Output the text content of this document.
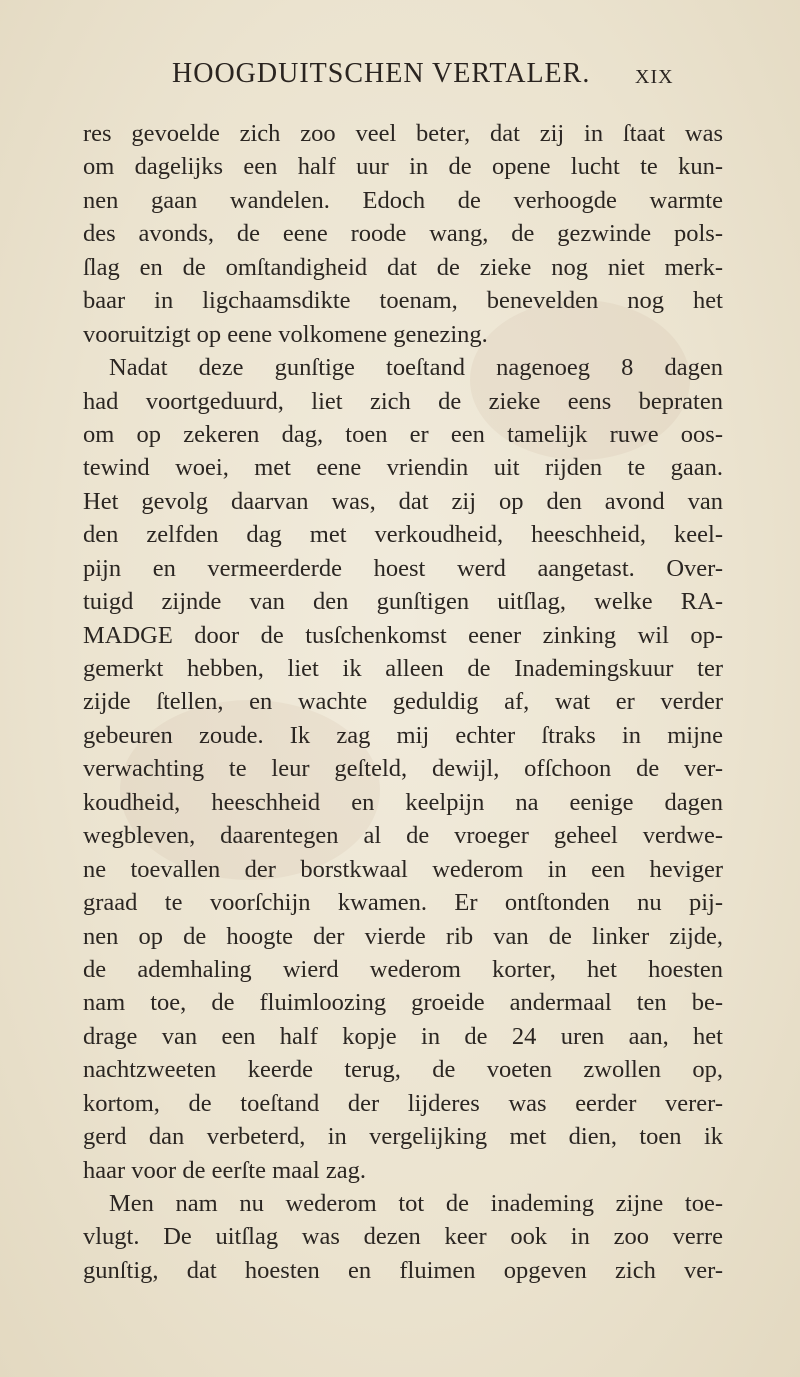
HOOGDUITSCHEN VERTALER. XIX
res gevoelde zich zoo veel beter, dat zij in ſtaat was
om dagelijks een half uur in de opene lucht te kun-
nen gaan wandelen. Edoch de verhoogde warmte
des avonds, de eene roode wang, de gezwinde pols-
ſlag en de omſtandigheid dat de zieke nog niet merk-
baar in ligchaamsdikte toenam, benevelden nog het
vooruitzigt op eene volkomene genezing.
Nadat deze gunſtige toeſtand nagenoeg 8 dagen
had voortgeduurd, liet zich de zieke eens bepraten
om op zekeren dag, toen er een tamelijk ruwe oos-
tewind woei, met eene vriendin uit rijden te gaan.
Het gevolg daarvan was, dat zij op den avond van
den zelfden dag met verkoudheid, heeschheid, keel-
pijn en vermeerderde hoest werd aangetast. Over-
tuigd zijnde van den gunſtigen uitſlag, welke RA-
MADGE door de tusſchenkomst eener zinking wil op-
gemerkt hebben, liet ik alleen de Inademingskuur ter
zijde ſtellen, en wachte geduldig af, wat er verder
gebeuren zoude. Ik zag mij echter ſtraks in mijne
verwachting te leur geſteld, dewijl, ofſchoon de ver-
koudheid, heeschheid en keelpijn na eenige dagen
wegbleven, daarentegen al de vroeger geheel verdwe-
ne toevallen der borstkwaal wederom in een heviger
graad te voorſchijn kwamen. Er ontſtonden nu pij-
nen op de hoogte der vierde rib van de linker zijde,
de ademhaling wierd wederom korter, het hoesten
nam toe, de fluimloozing groeide andermaal ten be-
drage van een half kopje in de 24 uren aan, het
nachtzweeten keerde terug, de voeten zwollen op,
kortom, de toeſtand der lijderes was eerder verer-
gerd dan verbeterd, in vergelijking met dien, toen ik
haar voor de eerſte maal zag.
Men nam nu wederom tot de inademing zijne toe-
vlugt. De uitſlag was dezen keer ook in zoo verre
gunſtig, dat hoesten en fluimen opgeven zich ver-
